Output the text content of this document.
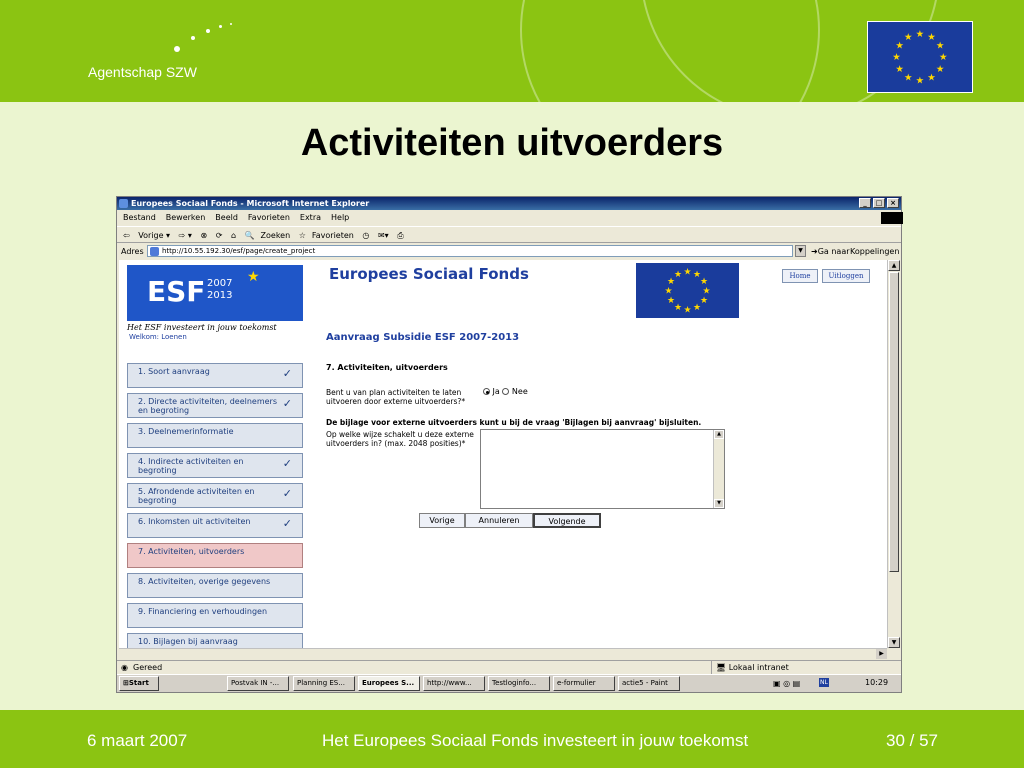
Agentschap SZW
★ ★
★
★
★
★
★
★
★
★
★
★
Activiteiten uitvoerders
Europees Sociaal Fonds - Microsoft Internet Explorer	_	□	×
Bestand Bewerken Beeld Favorieten Extra Help
⇦ Vorige ▾ ⇨ ▾ ⊗ ⟳ ⌂ 🔍 Zoeken ☆ Favorieten ◷ ✉▾ ⎙
Adres	http://10.55.192.30/esf/page/create_project	▼	➜Ga naar Koppelingen
ESF 2007
2013
★
Het ESF investeert in jouw toekomst
Welkom: Loenen
1. Soort aanvraag	✓
2. Directe activiteiten, deelnemers en begroting
✓
3. Deelnemerinformatie
4. Indirecte activiteiten en begroting
✓
5. Afrondende activiteiten en begroting
✓
6. Inkomsten uit activiteiten	✓
7. Activiteiten, uitvoerders
8. Activiteiten, overige gegevens
9. Financiering en verhoudingen
10. Bijlagen bij aanvraag
Europees Sociaal Fonds	★ ★
★
★
★
★
★
★
★
★
★
★	Home	Uitloggen
Aanvraag Subsidie ESF 2007-2013
7. Activiteiten, uitvoerders
Bent u van plan activiteiten te laten uitvoeren door externe uitvoerders?*
Ja Nee
De bijlage voor externe uitvoerders kunt u bij de vraag 'Bijlagen bij aanvraag' bijsluiten.
Op welke wijze schakelt u deze externe uitvoerders in? (max. 2048 posities)*
▲
▼
Vorige	Annuleren	Volgende
▲
▼
▶
◉ Gereed	🖥 Lokaal intranet
⊞Start	Postvak IN -...	Planning ES...	Europees S...	http://www...	Testloginfo...	e-formulier	actie5 - Paint	▣ ◎ ▤	NL	10:29
6 maart 2007	Het Europees Sociaal Fonds investeert in jouw toekomst	30 / 57
